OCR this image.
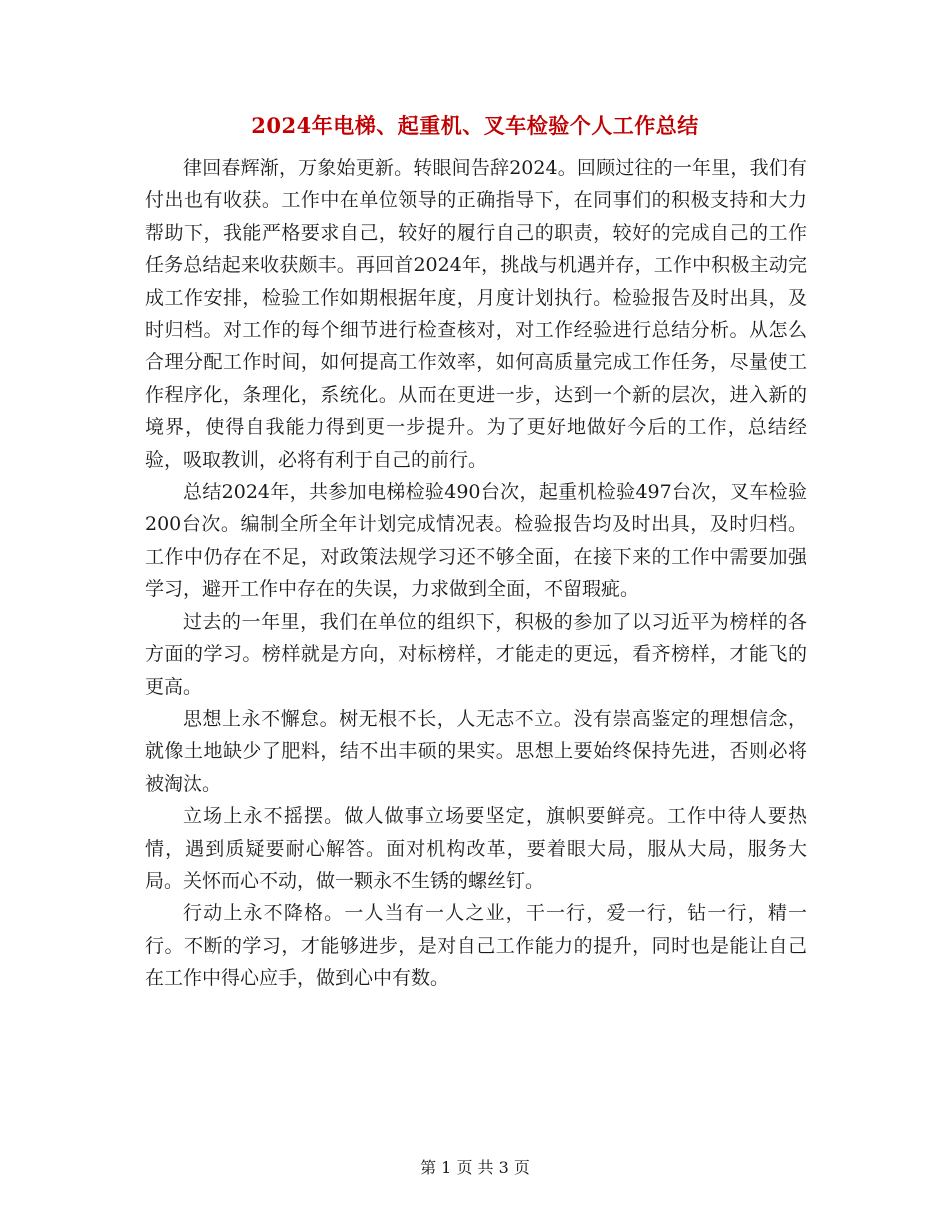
2024年电梯、起重机、叉车检验个人工作总结

律回春辉渐，万象始更新。转眼间告辞2024。回顾过往的一年里，我们有付出也有收获。工作中在单位领导的正确指导下，在同事们的积极支持和大力帮助下，我能严格要求自己，较好的履行自己的职责，较好的完成自己的工作任务总结起来收获颇丰。再回首2024年，挑战与机遇并存，工作中积极主动完成工作安排，检验工作如期根据年度，月度计划执行。检验报告及时出具，及时归档。对工作的每个细节进行检查核对，对工作经验进行总结分析。从怎么合理分配工作时间，如何提高工作效率，如何高质量完成工作任务，尽量使工作程序化，条理化，系统化。从而在更进一步，达到一个新的层次，进入新的境界，使得自我能力得到更一步提升。为了更好地做好今后的工作，总结经验，吸取教训，必将有利于自己的前行。

总结2024年，共参加电梯检验490台次，起重机检验497台次，叉车检验200台次。编制全所全年计划完成情况表。检验报告均及时出具，及时归档。工作中仍存在不足，对政策法规学习还不够全面，在接下来的工作中需要加强学习，避开工作中存在的失误，力求做到全面，不留瑕疵。

过去的一年里，我们在单位的组织下，积极的参加了以习近平为榜样的各方面的学习。榜样就是方向，对标榜样，才能走的更远，看齐榜样，才能飞的更高。

思想上永不懈怠。树无根不长，人无志不立。没有崇高鉴定的理想信念，就像土地缺少了肥料，结不出丰硕的果实。思想上要始终保持先进，否则必将被淘汰。

立场上永不摇摆。做人做事立场要坚定，旗帜要鲜亮。工作中待人要热情，遇到质疑要耐心解答。面对机构改革，要着眼大局，服从大局，服务大局。关怀而心不动，做一颗永不生锈的螺丝钉。

行动上永不降格。一人当有一人之业，干一行，爱一行，钻一行，精一行。不断的学习，才能够进步，是对自己工作能力的提升，同时也是能让自己在工作中得心应手，做到心中有数。

第 1 页 共 3 页
